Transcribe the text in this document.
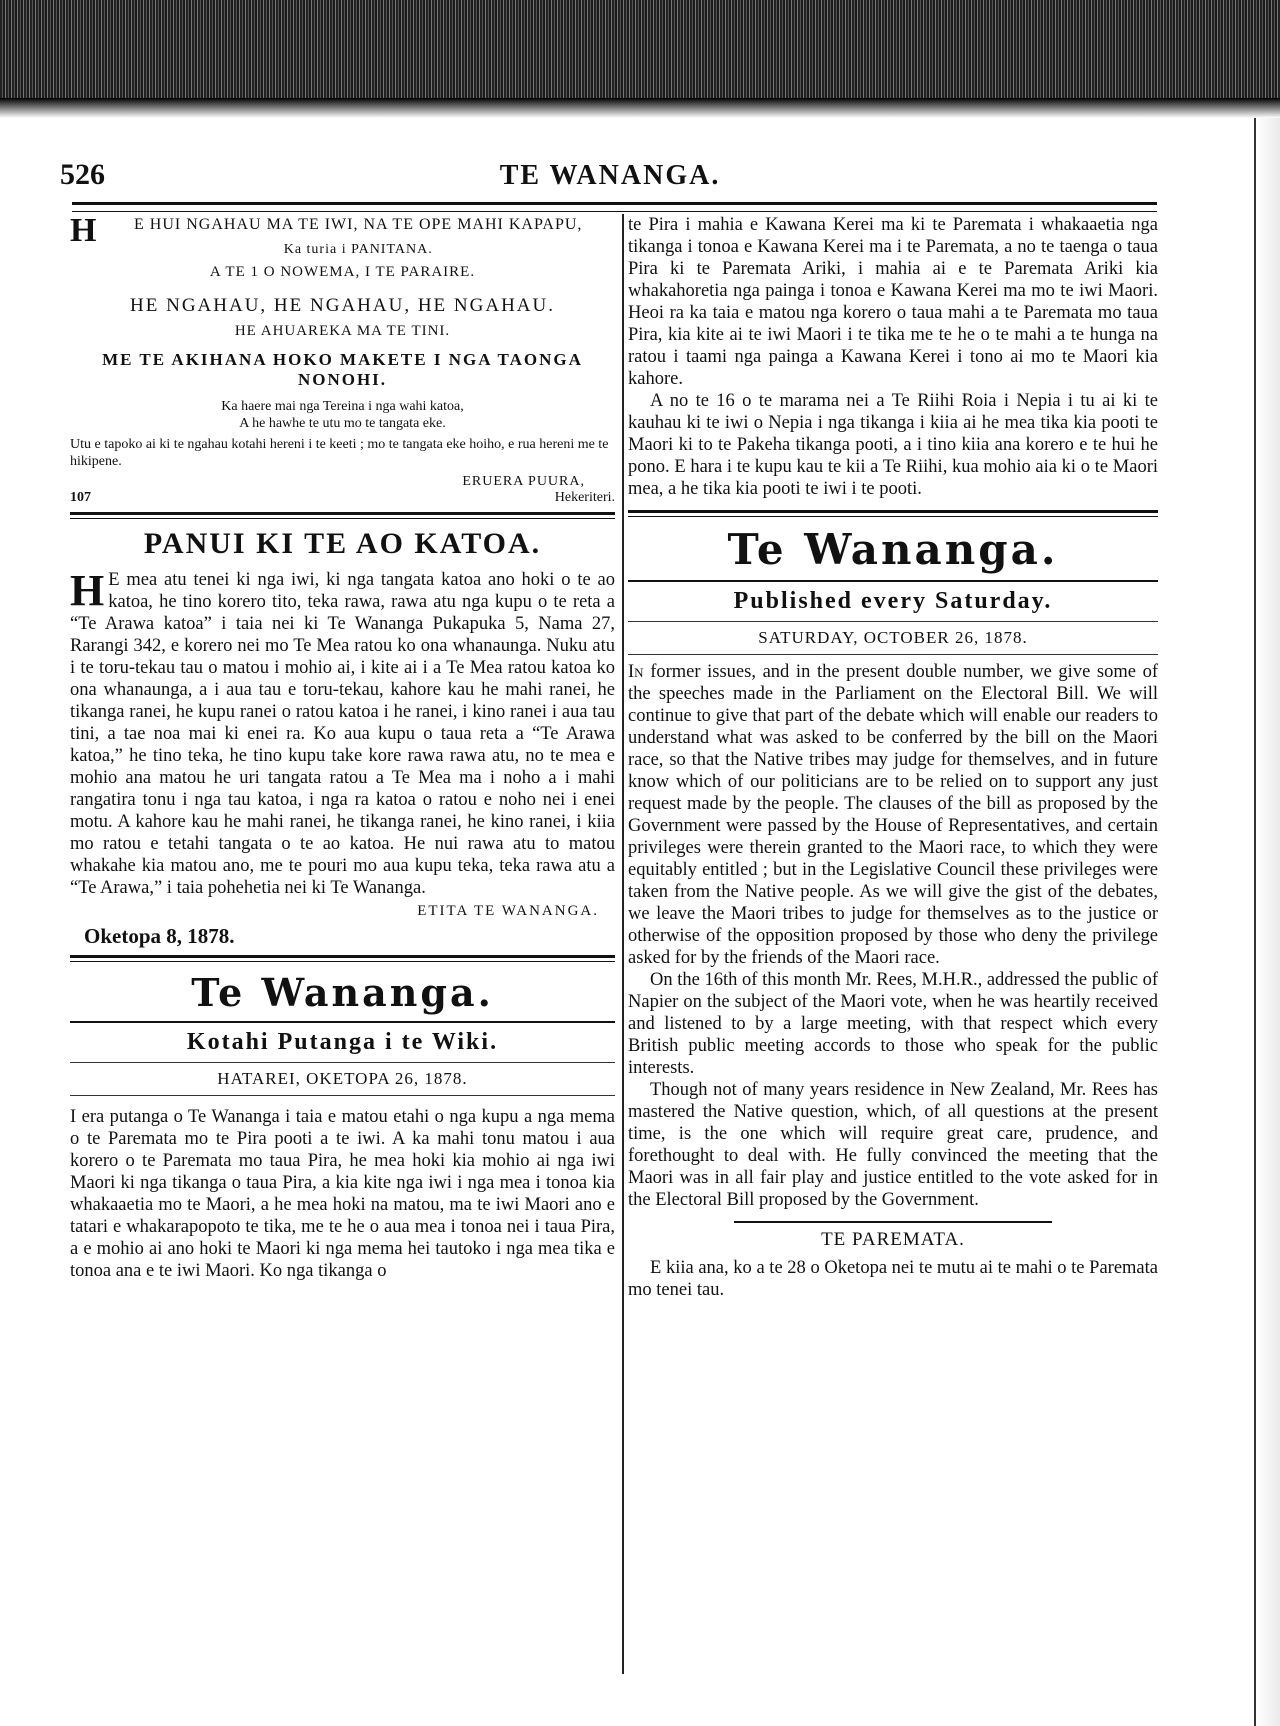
526	TE WANANGA.
H E HUI NGAHAU MA TE IWI, NA TE OPE MAHI KAPAPU,
Ka turia i PANITANA.
A TE 1 O NOWEMA, I TE PARAIRE.
HE NGAHAU, HE NGAHAU, HE NGAHAU.
HE AHUAREKA MA TE TINI.
ME TE AKIHANA HOKO MAKETE I NGA TAONGA NONOHI.
Ka haere mai nga Tereina i nga wahi katoa,
A he hawhe te utu mo te tangata eke.
Utu e tapoko ai ki te ngahau kotahi hereni i te keeti ; mo te tangata eke hoiho, e rua hereni me te hikipene.
ERUERA PUURA,
107	Hekeriteri.
PANUI KI TE AO KATOA.

H E mea atu tenei ki nga iwi, ki nga tangata katoa ano hoki o te ao katoa, he tino korero tito, teka rawa, rawa atu nga kupu o te reta a “Te Arawa katoa” i taia nei ki Te Wananga Pukapuka 5, Nama 27, Rarangi 342, e korero nei mo Te Mea ratou ko ona whanaunga. Nuku atu i te toru-tekau tau o matou i mohio ai, i kite ai i a Te Mea ratou katoa ko ona whanaunga, a i aua tau e toru-tekau, kahore kau he mahi ranei, he tikanga ranei, he kupu ranei o ratou katoa i he ranei, i kino ranei i aua tau tini, a tae noa mai ki enei ra. Ko aua kupu o taua reta a “Te Arawa katoa,” he tino teka, he tino kupu take kore rawa rawa atu, no te mea e mohio ana matou he uri tangata ratou a Te Mea ma i noho a i mahi rangatira tonu i nga tau katoa, i nga ra katoa o ratou e noho nei i enei motu. A kahore kau he mahi ranei, he tikanga ranei, he kino ranei, i kiia mo ratou e tetahi tangata o te ao katoa. He nui rawa atu to matou whakahe kia matou ano, me te pouri mo aua kupu teka, teka rawa atu a “Te Arawa,” i taia pohehetia nei ki Te Wananga.

ETITA TE WANANGA.
Oketopa 8, 1878.
Te Wananga.
Kotahi Putanga i te Wiki.
HATAREI, OKETOPA 26, 1878.

I era putanga o Te Wananga i taia e matou etahi o nga kupu a nga mema o te Paremata mo te Pira pooti a te iwi. A ka mahi tonu matou i aua korero o te Paremata mo taua Pira, he mea hoki kia mohio ai nga iwi Maori ki nga tikanga o taua Pira, a kia kite nga iwi i nga mea i tonoa kia whakaaetia mo te Maori, a he mea hoki na matou, ma te iwi Maori ano e tatari e whakarapopoto te tika, me te he o aua mea i tonoa nei i taua Pira, a e mohio ai ano hoki te Maori ki nga mema hei tautoko i nga mea tika e tonoa ana e te iwi Maori. Ko nga tikanga o

te Pira i mahia e Kawana Kerei ma ki te Paremata i whakaaetia nga tikanga i tonoa e Kawana Kerei ma i te Paremata, a no te taenga o taua Pira ki te Paremata Ariki, i mahia ai e te Paremata Ariki kia whakahoretia nga painga i tonoa e Kawana Kerei ma mo te iwi Maori. Heoi ra ka taia e matou nga korero o taua mahi a te Paremata mo taua Pira, kia kite ai te iwi Maori i te tika me te he o te mahi a te hunga na ratou i taami nga painga a Kawana Kerei i tono ai mo te Maori kia kahore.

A no te 16 o te marama nei a Te Riihi Roia i Nepia i tu ai ki te kauhau ki te iwi o Nepia i nga tikanga i kiia ai he mea tika kia pooti te Maori ki to te Pakeha tikanga pooti, a i tino kiia ana korero e te hui he pono. E hara i te kupu kau te kii a Te Riihi, kua mohio aia ki o te Maori mea, a he tika kia pooti te iwi i te pooti.

Te Wananga.
Published every Saturday.
SATURDAY, OCTOBER 26, 1878.

In former issues, and in the present double number, we give some of the speeches made in the Parliament on the Electoral Bill. We will continue to give that part of the debate which will enable our readers to understand what was asked to be conferred by the bill on the Maori race, so that the Native tribes may judge for themselves, and in future know which of our politicians are to be relied on to support any just request made by the people. The clauses of the bill as proposed by the Government were passed by the House of Representatives, and certain privileges were therein granted to the Maori race, to which they were equitably entitled ; but in the Legislative Council these privileges were taken from the Native people. As we will give the gist of the debates, we leave the Maori tribes to judge for themselves as to the justice or otherwise of the opposition proposed by those who deny the privilege asked for by the friends of the Maori race.

On the 16th of this month Mr. Rees, M.H.R., addressed the public of Napier on the subject of the Maori vote, when he was heartily received and listened to by a large meeting, with that respect which every British public meeting accords to those who speak for the public interests.

Though not of many years residence in New Zealand, Mr. Rees has mastered the Native question, which, of all questions at the present time, is the one which will require great care, prudence, and forethought to deal with. He fully convinced the meeting that the Maori was in all fair play and justice entitled to the vote asked for in the Electoral Bill proposed by the Government.

TE PAREMATA.

E kiia ana, ko a te 28 o Oketopa nei te mutu ai te mahi o te Paremata mo tenei tau.
